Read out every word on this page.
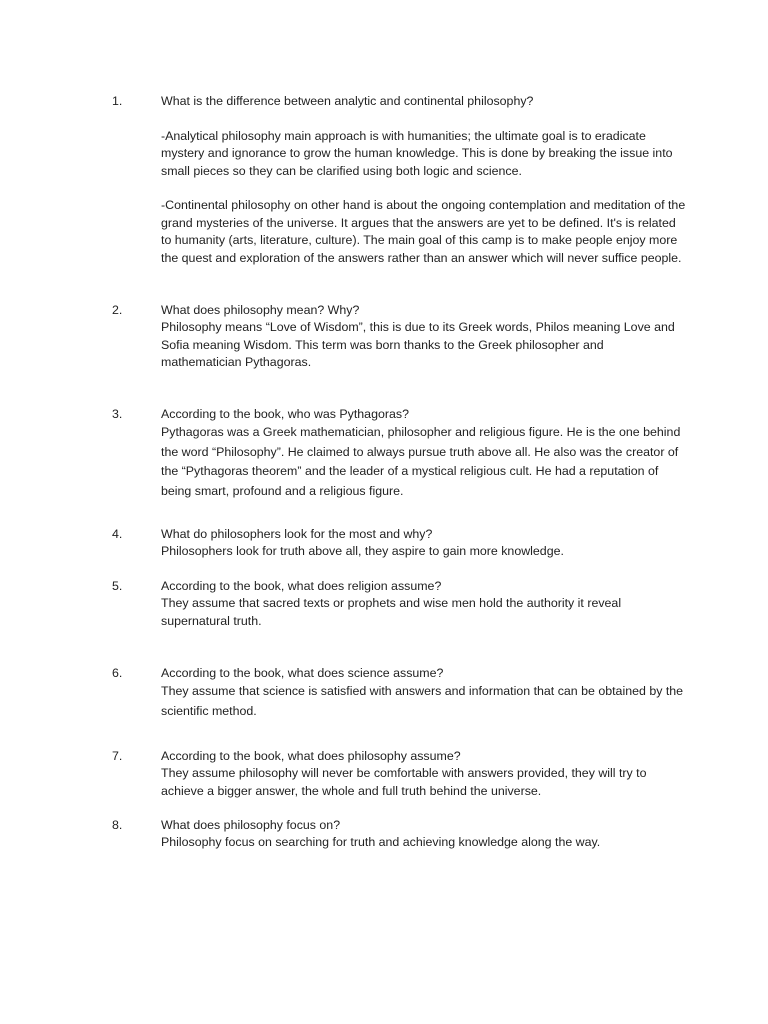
1.	What is the difference between analytic and continental philosophy?

-Analytical philosophy main approach is with humanities; the ultimate goal is to eradicate mystery and ignorance to grow the human knowledge. This is done by breaking the issue into small pieces so they can be clarified using both logic and science.

-Continental philosophy on other hand is about the ongoing contemplation and meditation of the grand mysteries of the universe. It argues that the answers are yet to be defined. It's is related to humanity (arts, literature, culture). The main goal of this camp is to make people enjoy more the quest and exploration of the answers rather than an answer which will never suffice people.

2.	What does philosophy mean? Why?

Philosophy means “Love of Wisdom”, this is due to its Greek words, Philos meaning Love and Sofia meaning Wisdom. This term was born thanks to the Greek philosopher and mathematician Pythagoras.

3.	According to the book, who was Pythagoras?

Pythagoras was a Greek mathematician, philosopher and religious figure. He is the one behind the word “Philosophy”. He claimed to always pursue truth above all. He also was the creator of the “Pythagoras theorem” and the leader of a mystical religious cult. He had a reputation of being smart, profound and a religious figure.

4.	What do philosophers look for the most and why?

Philosophers look for truth above all, they aspire to gain more knowledge.

5.	According to the book, what does religion assume?

They assume that sacred texts or prophets and wise men hold the authority it reveal supernatural truth.

6.	According to the book, what does science assume?

They assume that science is satisfied with answers and information that can be obtained by the scientific method.

7.	According to the book, what does philosophy assume?

They assume philosophy will never be comfortable with answers provided, they will try to achieve a bigger answer, the whole and full truth behind the universe.

8.	What does philosophy focus on?

Philosophy focus on searching for truth and achieving knowledge along the way.
